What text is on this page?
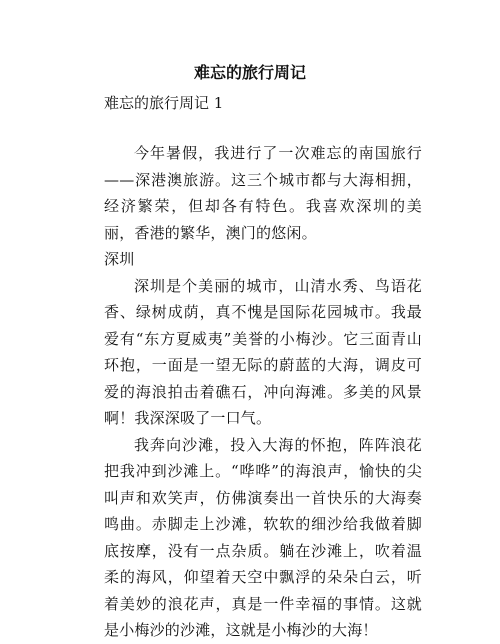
难忘的旅行周记
难忘的旅行周记 1

今年暑假，我进行了一次难忘的南国旅行——深港澳旅游。这三个城市都与大海相拥，经济繁荣，但却各有特色。我喜欢深圳的美丽，香港的繁华，澳门的悠闲。

深圳

深圳是个美丽的城市，山清水秀、鸟语花香、绿树成荫，真不愧是国际花园城市。我最爱有“东方夏威夷”美誉的小梅沙。它三面青山环抱，一面是一望无际的蔚蓝的大海，调皮可爱的海浪拍击着礁石，冲向海滩。多美的风景啊！我深深吸了一口气。

我奔向沙滩，投入大海的怀抱，阵阵浪花把我冲到沙滩上。“哗哗”的海浪声，愉快的尖叫声和欢笑声，仿佛演奏出一首快乐的大海奏鸣曲。赤脚走上沙滩，软软的细沙给我做着脚底按摩，没有一点杂质。躺在沙滩上，吹着温柔的海风，仰望着天空中飘浮的朵朵白云，听着美妙的浪花声，真是一件幸福的事情。这就是小梅沙的沙滩，这就是小梅沙的大海！
